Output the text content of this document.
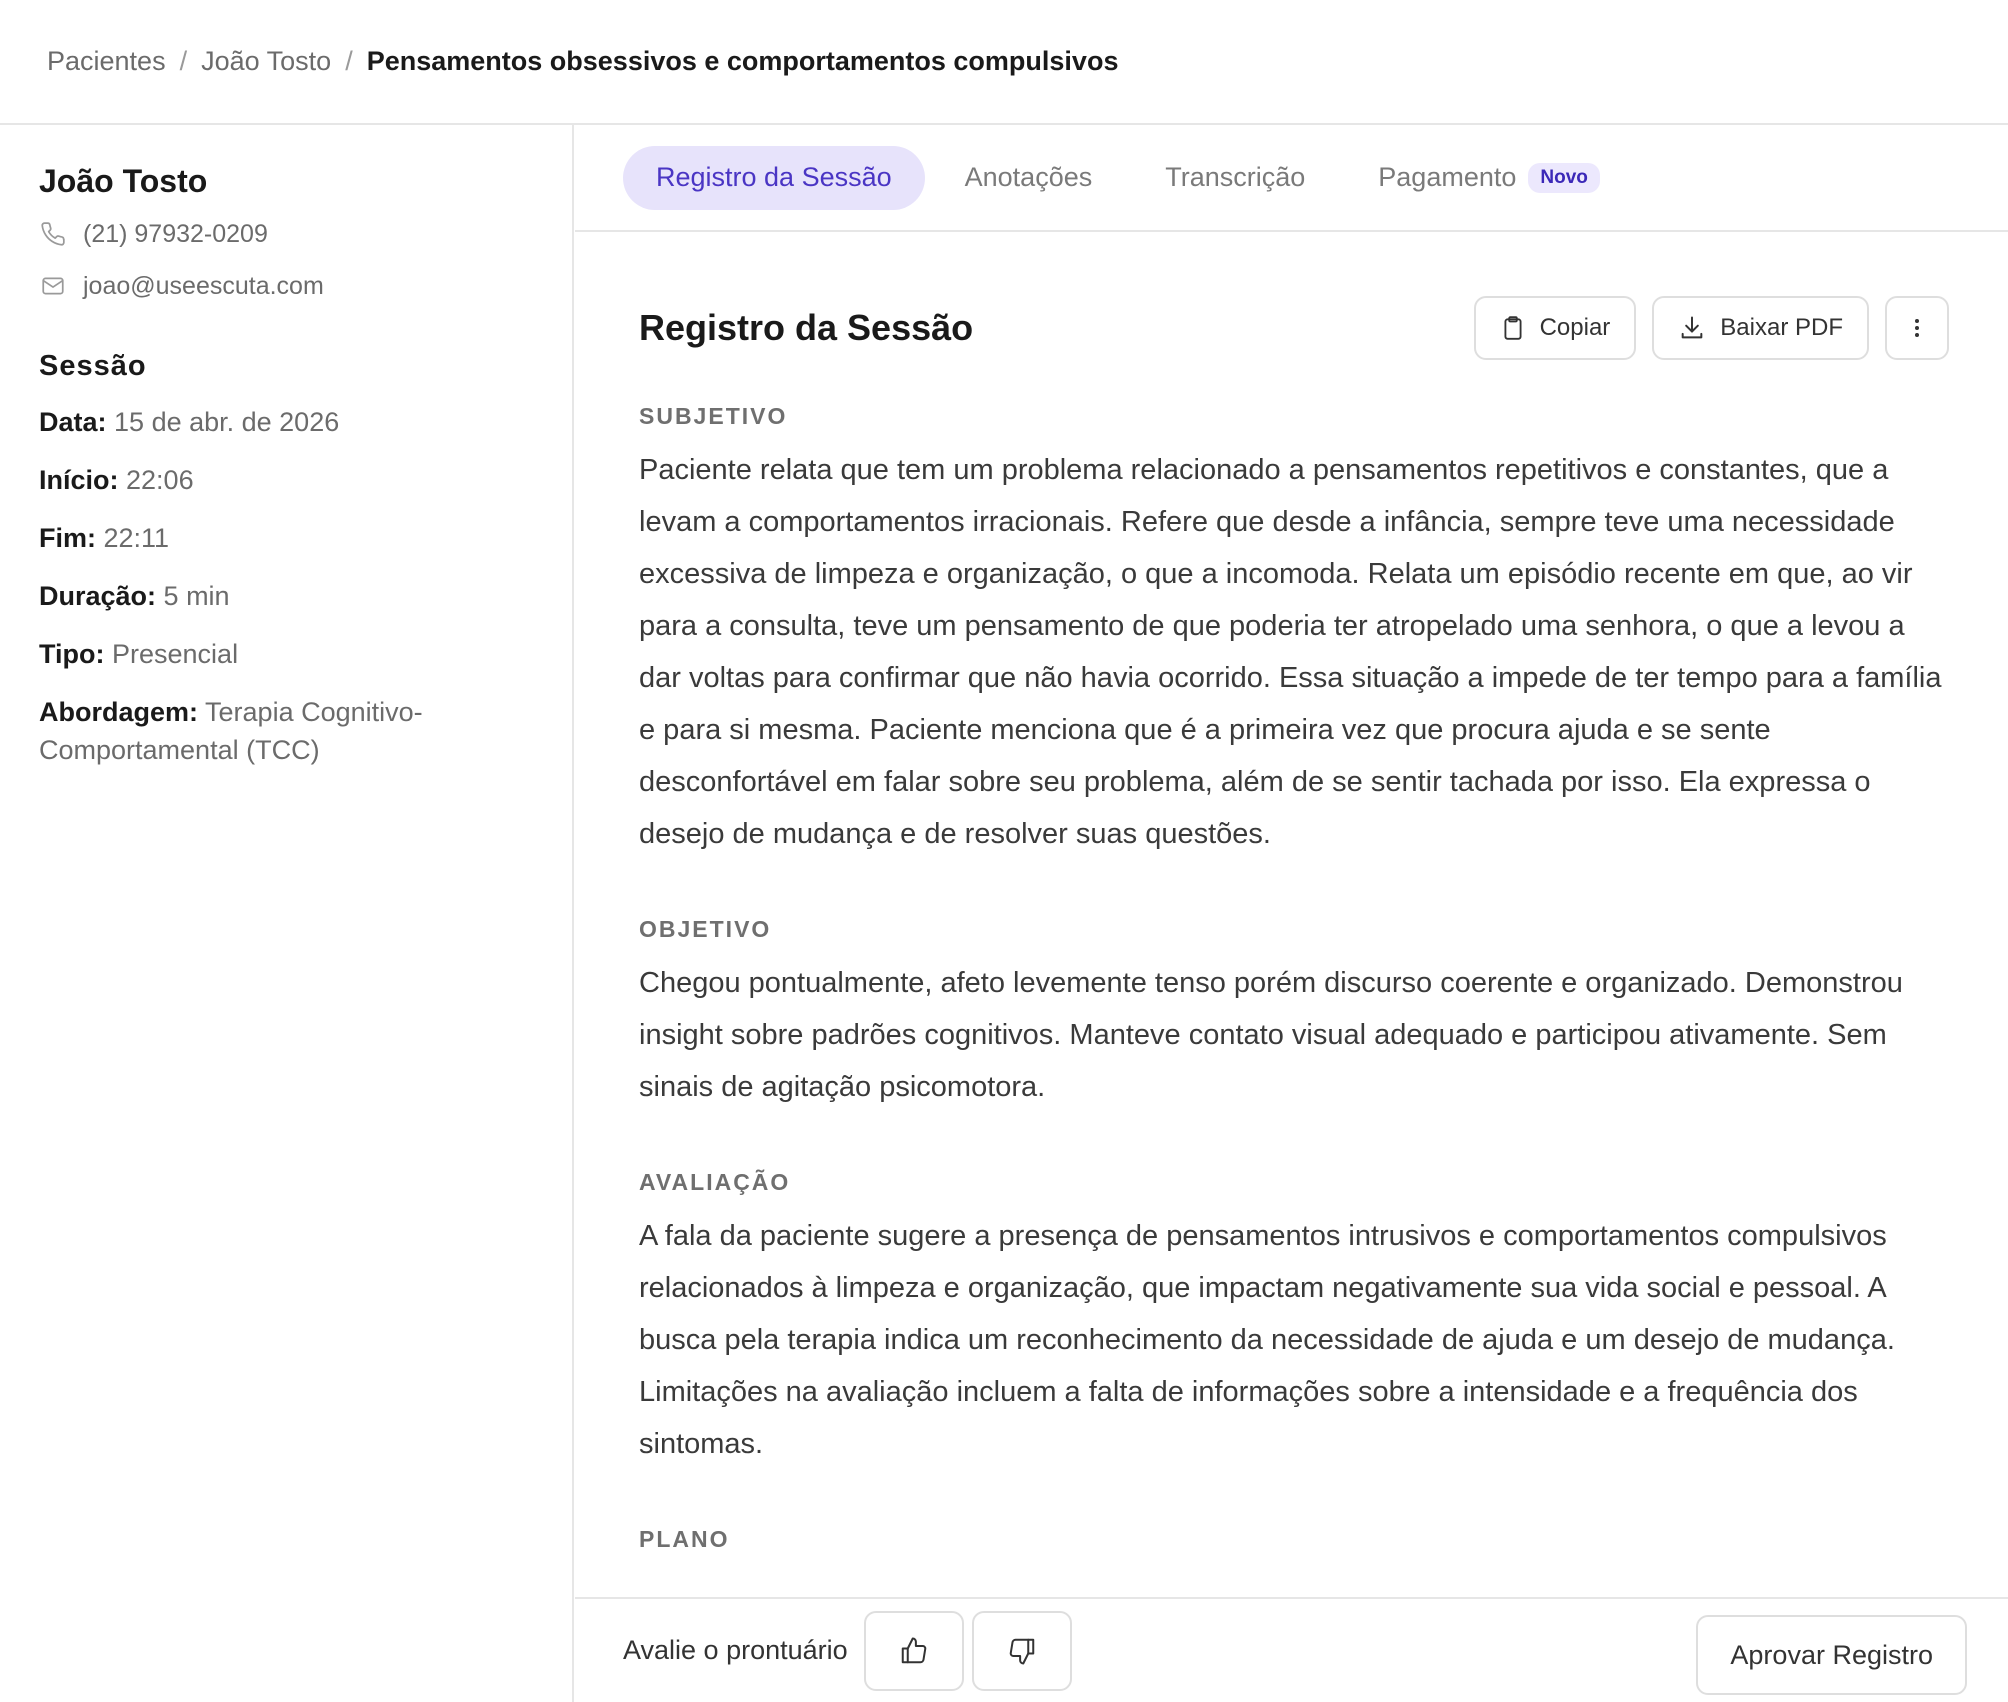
Pacientes / João Tosto / Pensamentos obsessivos e comportamentos compulsivos
João Tosto
(21) 97932-0209
joao@useescuta.com
Sessão
Data: 15 de abr. de 2026
Início: 22:06
Fim: 22:11
Duração: 5 min
Tipo: Presencial
Abordagem: Terapia Cognitivo-Comportamental (TCC)
Registro da Sessão	Anotações	Transcrição	Pagamento	Novo
Registro da Sessão	Copiar	Baixar PDF
SUBJETIVO

Paciente relata que tem um problema relacionado a pensamentos repetitivos e constantes, que a levam a comportamentos irracionais. Refere que desde a infância, sempre teve uma necessidade excessiva de limpeza e organização, o que a incomoda. Relata um episódio recente em que, ao vir para a consulta, teve um pensamento de que poderia ter atropelado uma senhora, o que a levou a dar voltas para confirmar que não havia ocorrido. Essa situação a impede de ter tempo para a família e para si mesma. Paciente menciona que é a primeira vez que procura ajuda e se sente desconfortável em falar sobre seu problema, além de se sentir tachada por isso. Ela expressa o desejo de mudança e de resolver suas questões.

OBJETIVO

Chegou pontualmente, afeto levemente tenso porém discurso coerente e organizado. Demonstrou insight sobre padrões cognitivos. Manteve contato visual adequado e participou ativamente. Sem sinais de agitação psicomotora.

AVALIAÇÃO

A fala da paciente sugere a presença de pensamentos intrusivos e comportamentos compulsivos relacionados à limpeza e organização, que impactam negativamente sua vida social e pessoal. A busca pela terapia indica um reconhecimento da necessidade de ajuda e um desejo de mudança. Limitações na avaliação incluem a falta de informações sobre a intensidade e a frequência dos sintomas.

PLANO

Avalie o prontuário	Aprovar Registro
